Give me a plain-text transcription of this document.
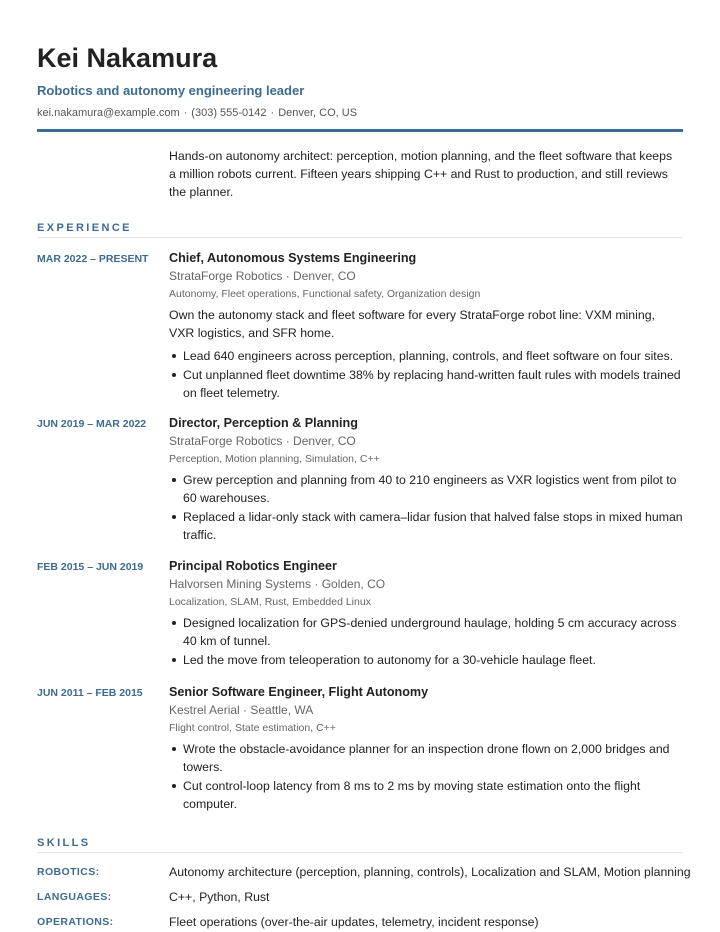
Kei Nakamura
Robotics and autonomy engineering leader
kei.nakamura@example.com · (303) 555-0142 · Denver, CO, US
Hands-on autonomy architect: perception, motion planning, and the fleet software that keeps a million robots current. Fifteen years shipping C++ and Rust to production, and still reviews the planner.
EXPERIENCE
MAR 2022 – PRESENT	Chief, Autonomous Systems Engineering
StrataForge Robotics · Denver, CO
Autonomy, Fleet operations, Functional safety, Organization design
Own the autonomy stack and fleet software for every StrataForge robot line: VXM mining, VXR logistics, and SFR home.
Lead 640 engineers across perception, planning, controls, and fleet software on four sites.
Cut unplanned fleet downtime 38% by replacing hand-written fault rules with models trained on fleet telemetry.
JUN 2019 – MAR 2022	Director, Perception & Planning
StrataForge Robotics · Denver, CO
Perception, Motion planning, Simulation, C++
Grew perception and planning from 40 to 210 engineers as VXR logistics went from pilot to 60 warehouses.
Replaced a lidar-only stack with camera–lidar fusion that halved false stops in mixed human traffic.
FEB 2015 – JUN 2019	Principal Robotics Engineer
Halvorsen Mining Systems · Golden, CO
Localization, SLAM, Rust, Embedded Linux
Designed localization for GPS-denied underground haulage, holding 5 cm accuracy across 40 km of tunnel.
Led the move from teleoperation to autonomy for a 30-vehicle haulage fleet.
JUN 2011 – FEB 2015	Senior Software Engineer, Flight Autonomy
Kestrel Aerial · Seattle, WA
Flight control, State estimation, C++
Wrote the obstacle-avoidance planner for an inspection drone flown on 2,000 bridges and towers.
Cut control-loop latency from 8 ms to 2 ms by moving state estimation onto the flight computer.
SKILLS
ROBOTICS:	Autonomy architecture (perception, planning, controls), Localization and SLAM, Motion planning
LANGUAGES:	C++, Python, Rust
OPERATIONS:	Fleet operations (over-the-air updates, telemetry, incident response)
